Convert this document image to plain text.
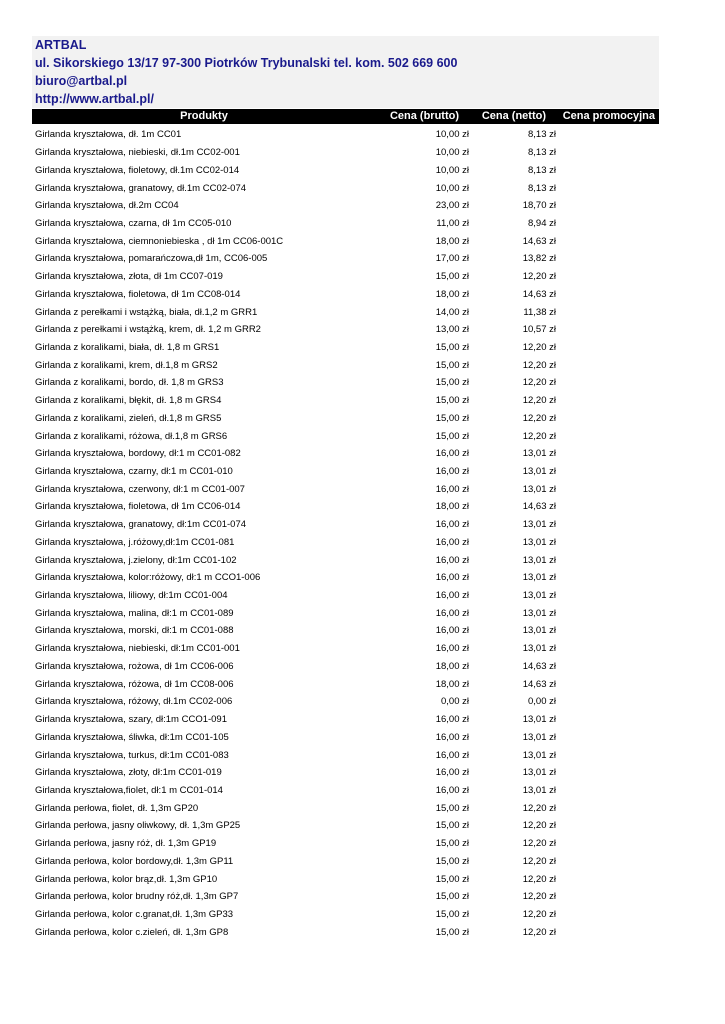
ARTBAL
ul. Sikorskiego 13/17 97-300 Piotrków Trybunalski tel. kom. 502 669 600
biuro@artbal.pl
http://www.artbal.pl/
Produkty	Cena (brutto)	Cena (netto)	Cena promocyjna
Girlanda kryształowa, dł. 1m CC01	10,00 zł	8,13 zł
Girlanda kryształowa, niebieski, dł.1m CC02-001	10,00 zł	8,13 zł
Girlanda kryształowa, fioletowy, dł.1m CC02-014	10,00 zł	8,13 zł
Girlanda kryształowa, granatowy, dł.1m CC02-074	10,00 zł	8,13 zł
Girlanda kryształowa, dł.2m CC04	23,00 zł	18,70 zł
Girlanda kryształowa, czarna, dł 1m CC05-010	11,00 zł	8,94 zł
Girlanda kryształowa, ciemnoniebieska , dł 1m CC06-001C	18,00 zł	14,63 zł
Girlanda kryształowa, pomarańczowa,dł 1m, CC06-005	17,00 zł	13,82 zł
Girlanda kryształowa, złota, dł 1m CC07-019	15,00 zł	12,20 zł
Girlanda kryształowa, fioletowa, dł 1m CC08-014	18,00 zł	14,63 zł
Girlanda z perełkami i wstążką, biała, dł.1,2 m GRR1	14,00 zł	11,38 zł
Girlanda z perełkami i wstążką, krem, dł. 1,2 m GRR2	13,00 zł	10,57 zł
Girlanda z koralikami, biała, dł. 1,8 m GRS1	15,00 zł	12,20 zł
Girlanda z koralikami, krem, dł.1,8 m GRS2	15,00 zł	12,20 zł
Girlanda z koralikami, bordo, dł. 1,8 m GRS3	15,00 zł	12,20 zł
Girlanda z koralikami, błękit, dł. 1,8 m GRS4	15,00 zł	12,20 zł
Girlanda z koralikami, zieleń, dł.1,8 m GRS5	15,00 zł	12,20 zł
Girlanda z koralikami, różowa, dł.1,8 m GRS6	15,00 zł	12,20 zł
Girlanda kryształowa, bordowy, dł:1 m CC01-082	16,00 zł	13,01 zł
Girlanda kryształowa, czarny, dł:1 m CC01-010	16,00 zł	13,01 zł
Girlanda kryształowa, czerwony, dł:1 m CC01-007	16,00 zł	13,01 zł
Girlanda kryształowa, fioletowa, dł 1m CC06-014	18,00 zł	14,63 zł
Girlanda kryształowa, granatowy, dł:1m CC01-074	16,00 zł	13,01 zł
Girlanda kryształowa, j.różowy,dł:1m CC01-081	16,00 zł	13,01 zł
Girlanda kryształowa, j.zielony, dł:1m CC01-102	16,00 zł	13,01 zł
Girlanda kryształowa, kolor:różowy, dł:1 m CCO1-006	16,00 zł	13,01 zł
Girlanda kryształowa, liliowy, dł:1m CC01-004	16,00 zł	13,01 zł
Girlanda kryształowa, malina, dł:1 m CC01-089	16,00 zł	13,01 zł
Girlanda kryształowa, morski, dł:1 m CC01-088	16,00 zł	13,01 zł
Girlanda kryształowa, niebieski, dł:1m CC01-001	16,00 zł	13,01 zł
Girlanda kryształowa, rożowa, dł 1m CC06-006	18,00 zł	14,63 zł
Girlanda kryształowa, różowa, dł 1m CC08-006	18,00 zł	14,63 zł
Girlanda kryształowa, różowy, dł.1m CC02-006	0,00 zł	0,00 zł
Girlanda kryształowa, szary, dł:1m CCO1-091	16,00 zł	13,01 zł
Girlanda kryształowa, śliwka, dł:1m CC01-105	16,00 zł	13,01 zł
Girlanda kryształowa, turkus, dł:1m CC01-083	16,00 zł	13,01 zł
Girlanda kryształowa, złoty, dł:1m CC01-019	16,00 zł	13,01 zł
Girlanda kryształowa,fiolet, dł:1 m CC01-014	16,00 zł	13,01 zł
Girlanda perłowa, fiolet, dł. 1,3m GP20	15,00 zł	12,20 zł
Girlanda perłowa, jasny oliwkowy, dł. 1,3m GP25	15,00 zł	12,20 zł
Girlanda perłowa, jasny róż, dł. 1,3m GP19	15,00 zł	12,20 zł
Girlanda perłowa, kolor bordowy,dł. 1,3m GP11	15,00 zł	12,20 zł
Girlanda perłowa, kolor brąz,dł. 1,3m GP10	15,00 zł	12,20 zł
Girlanda perłowa, kolor brudny róż,dł. 1,3m GP7	15,00 zł	12,20 zł
Girlanda perłowa, kolor c.granat,dł. 1,3m GP33	15,00 zł	12,20 zł
Girlanda perłowa, kolor c.zieleń, dł. 1,3m GP8	15,00 zł	12,20 zł
